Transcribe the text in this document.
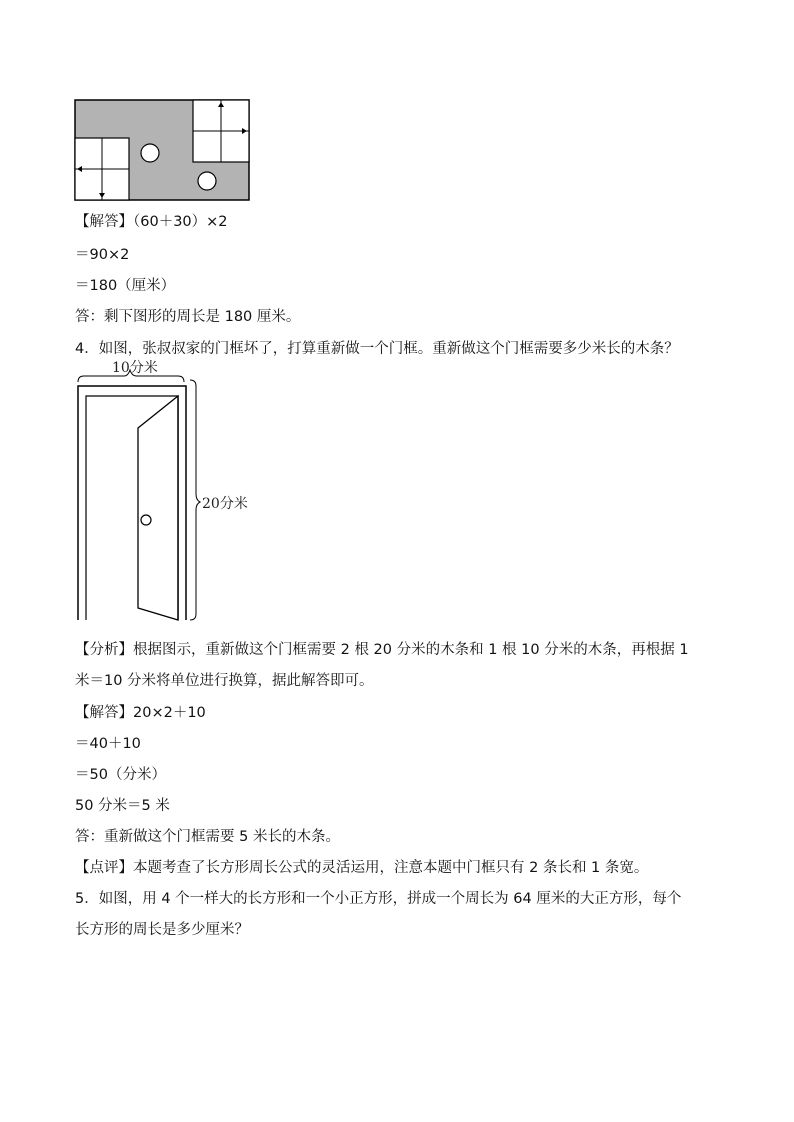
【解答】（60＋30）×2
＝90×2
＝180（厘米）
答：剩下图形的周长是 180 厘米。
4．如图，张叔叔家的门框坏了，打算重新做一个门框。重新做这个门框需要多少米长的木条？
10分米
20分米
【分析】根据图示，重新做这个门框需要 2 根 20 分米的木条和 1 根 10 分米的木条，再根据 1
米＝10 分米将单位进行换算，据此解答即可。
【解答】20×2＋10
＝40＋10
＝50（分米）
50 分米＝5 米
答：重新做这个门框需要 5 米长的木条。
【点评】本题考查了长方形周长公式的灵活运用，注意本题中门框只有 2 条长和 1 条宽。
5．如图，用 4 个一样大的长方形和一个小正方形，拼成一个周长为 64 厘米的大正方形，每个
长方形的周长是多少厘米？
